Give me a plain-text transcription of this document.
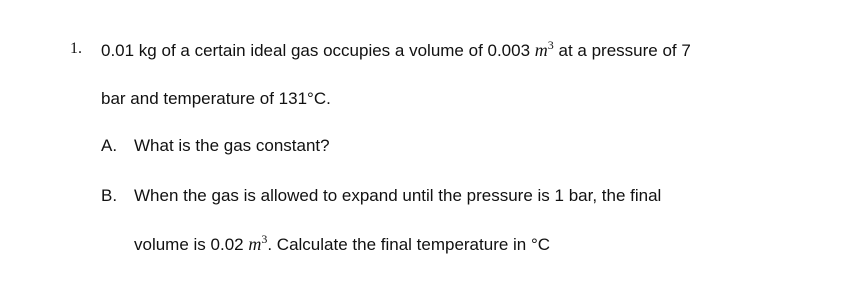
1. 0.01 kg of a certain ideal gas occupies a volume of 0.003 $m^3$ at a pressure of 7
bar and temperature of 131°C.
A. What is the gas constant?
B. When the gas is allowed to expand until the pressure is 1 bar, the final
volume is 0.02 $m^3$. Calculate the final temperature in °C
